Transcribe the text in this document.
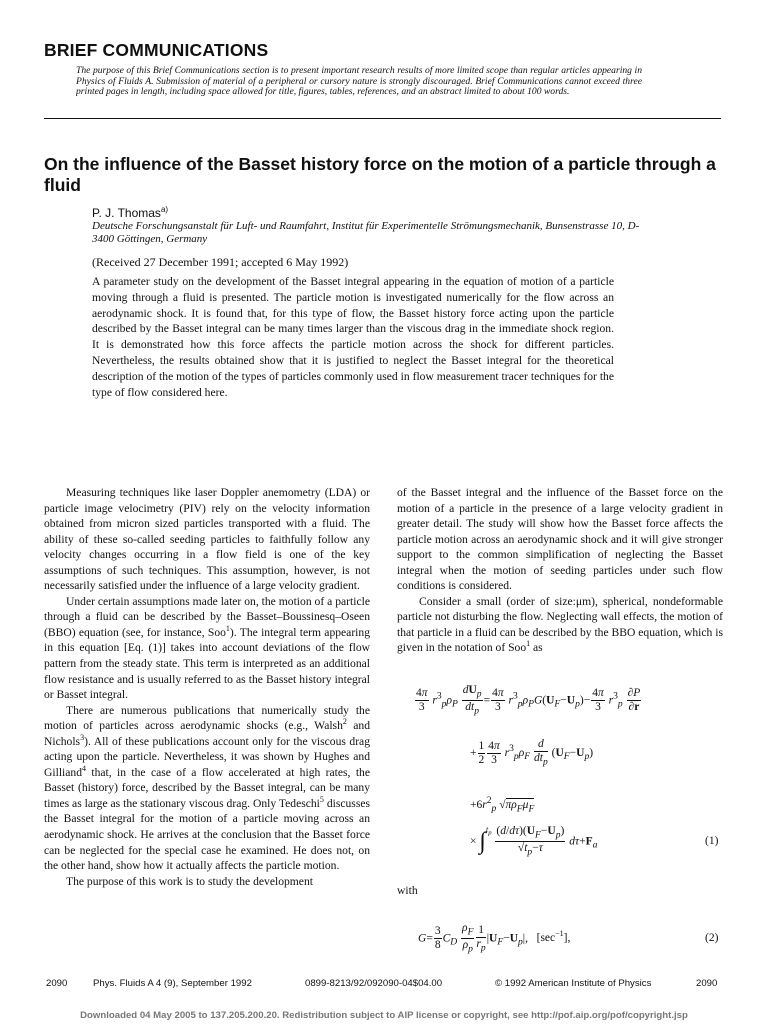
BRIEF COMMUNICATIONS
The purpose of this Brief Communications section is to present important research results of more limited scope than regular articles appearing in Physics of Fluids A. Submission of material of a peripheral or cursory nature is strongly discouraged. Brief Communications cannot exceed three printed pages in length, including space allowed for title, figures, tables, references, and an abstract limited to about 100 words.
On the influence of the Basset history force on the motion of a particle through a fluid
P. J. Thomas$^{a)}$
Deutsche Forschungsanstalt für Luft- und Raumfahrt, Institut für Experimentelle Strömungsmechanik, Bunsenstrasse 10, D-3400 Göttingen, Germany
(Received 27 December 1991; accepted 6 May 1992)
A parameter study on the development of the Basset integral appearing in the equation of motion of a particle moving through a fluid is presented. The particle motion is investigated numerically for the flow across an aerodynamic shock. It is found that, for this type of flow, the Basset history force acting upon the particle described by the Basset integral can be many times larger than the viscous drag in the immediate shock region. It is demonstrated how this force affects the particle motion across the shock for different particles. Nevertheless, the results obtained show that it is justified to neglect the Basset integral for the theoretical description of the motion of the types of particles commonly used in flow measurement tracer techniques for the type of flow considered here.

Measuring techniques like laser Doppler anemometry (LDA) or particle image velocimetry (PIV) rely on the velocity information obtained from micron sized particles transported with a fluid. The ability of these so-called seeding particles to faithfully follow any velocity changes occurring in a flow field is one of the key assumptions of such techniques. This assumption, however, is not necessarily satisfied under the influence of a large velocity gradient.

Under certain assumptions made later on, the motion of a particle through a fluid can be described by the Basset–Boussinesq–Oseen (BBO) equation (see, for instance, Soo$^1$). The integral term appearing in this equation [Eq. (1)] takes into account deviations of the flow pattern from the steady state. This term is interpreted as an additional flow resistance and is usually referred to as the Basset history integral or Basset integral.

There are numerous publications that numerically study the motion of particles across aerodynamic shocks (e.g., Walsh$^2$ and Nichols$^3$). All of these publications account only for the viscous drag acting upon the particle. Nevertheless, it was shown by Hughes and Gilliand$^4$ that, in the case of a flow accelerated at high rates, the Basset (history) force, described by the Basset integral, can be many times as large as the stationary viscous drag. Only Tedeschi$^5$ discusses the Basset integral for the motion of a particle moving across an aerodynamic shock. He arrives at the conclusion that the Basset force can be neglected for the special case he examined. He does not, on the other hand, show how it actually affects the particle motion.

The purpose of this work is to study the development

of the Basset integral and the influence of the Basset force on the motion of a particle in the presence of a large velocity gradient in greater detail. The study will show how the Basset force affects the particle motion across an aerodynamic shock and it will give stronger support to the common simplification of neglecting the Basset integral when the motion of seeding particles under such flow conditions is considered.

Consider a small (order of size:μm), spherical, nondeformable particle not disturbing the flow. Neglecting wall effects, the motion of that particle in a fluid can be described by the BBO equation, which is given in the notation of Soo$^1$ as

$\frac{4\pi}{3} r^3_p\rho_P \frac{dU_p}{dt_p} = \frac{4\pi}{3} r^3_p\rho_PG(U_F-U_p)- \frac{4\pi}{3} r^3_p \frac{\partial P}{\partial r}$
+ $\frac{1}{2} \frac{4\pi}{3} r^3_p\rho_F \frac{d}{dt_p} (U_F-U_p)$
$+6r^2_p$ $√\pi\rho_F\mu_F$
× $\int^{t_p} \frac{(d/d\tau)(U_F-U_p)}{√t_p-\tau} d\tau+F_a$	(1)
with
$G= \frac{3}{8} C_D \frac{\rho_F}{\rho_p} \frac{1}{r_p} |U_F-U_p|$,   $[\sec^{-1}]$,	(2)
2090	Phys. Fluids A 4 (9), September 1992	0899-8213/92/092090-04$04.00	© 1992 American Institute of Physics	2090
Downloaded 04 May 2005 to 137.205.200.20. Redistribution subject to AIP license or copyright, see http://pof.aip.org/pof/copyright.jsp
